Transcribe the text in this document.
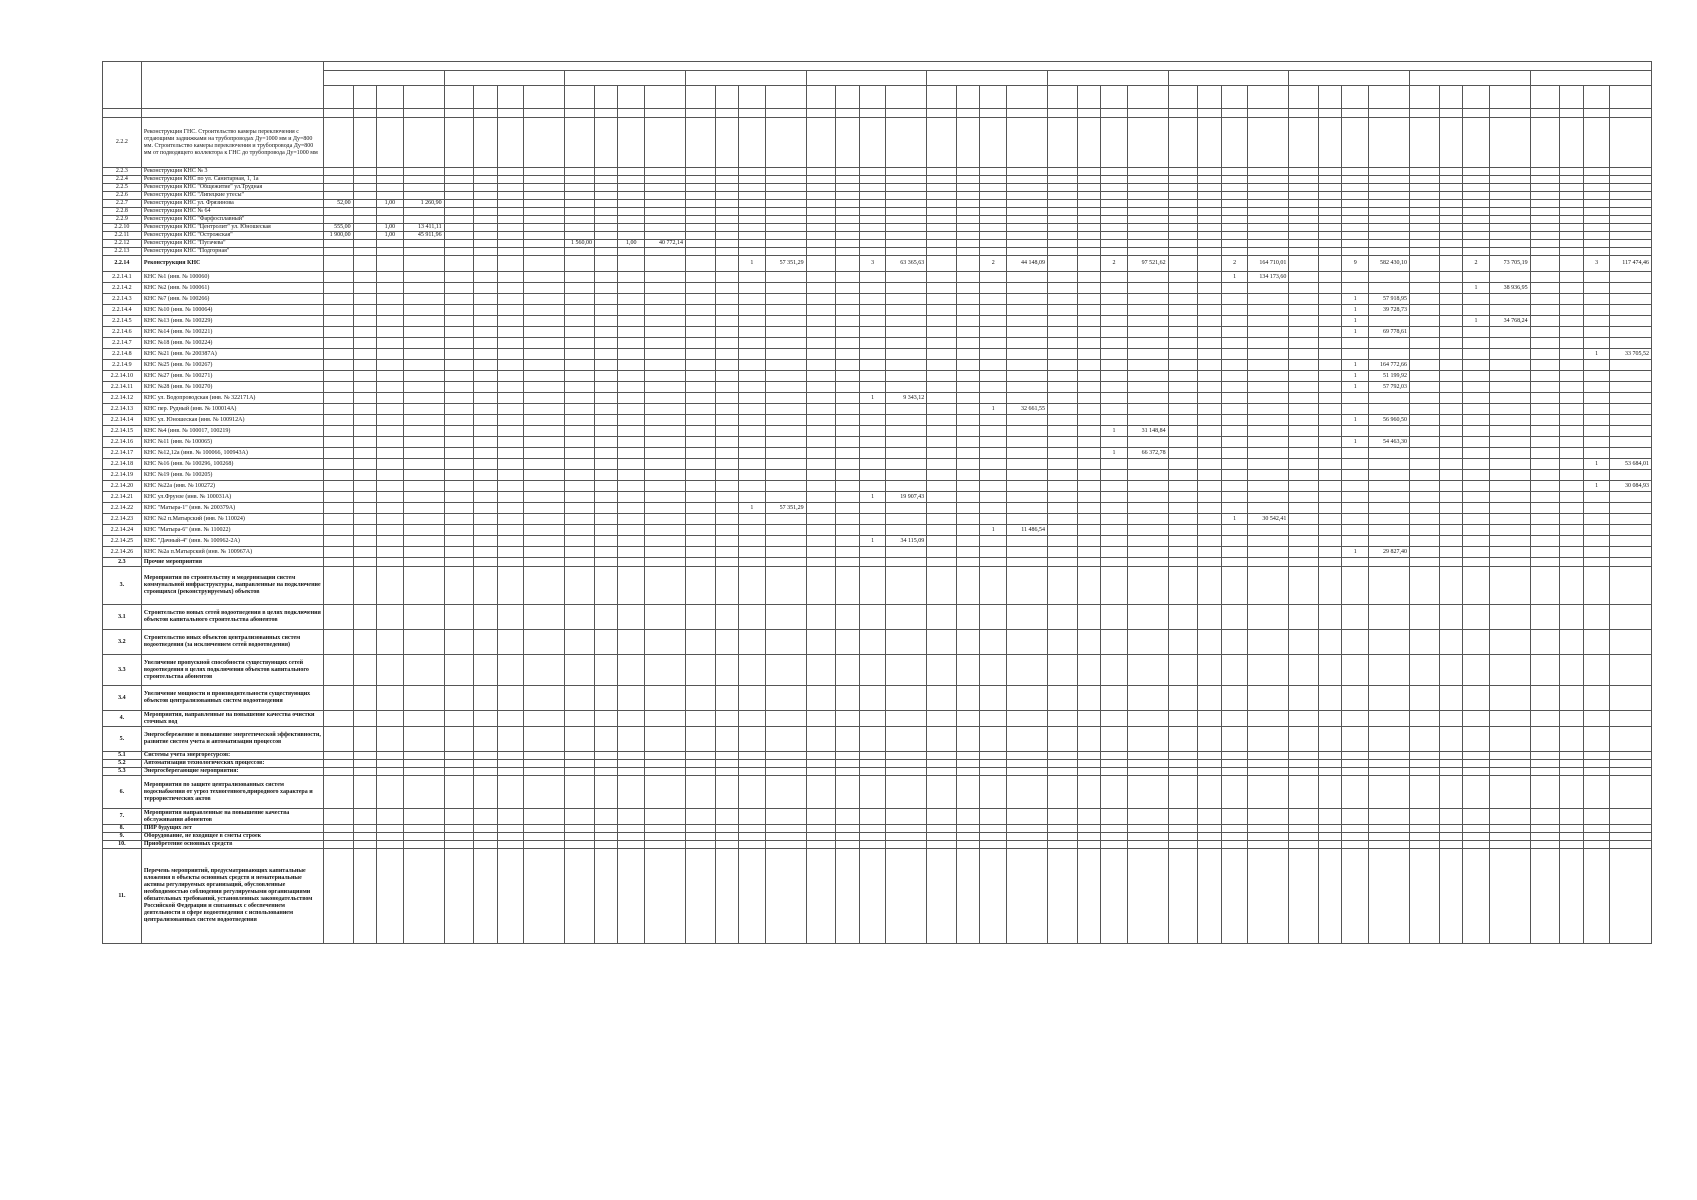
2.2.2	Реконструкция ГНС. Строительство камеры переключения с отдающими задвижками на трубопроводах Ду=1000 мм и Ду=800 мм. Строительство камеры переключения и трубопровода Ду=800 мм от подводящего коллектора к ГНС до трубопровода Ду=1000 мм																																												
2.2.3	Реконструкция КНС № 3																																												
2.2.4	Реконструкция КНС по ул. Санитарная, 1, 1а																																												
2.2.5	Реконструкция КНС "Общежитие" ул.Трудная																																												
2.2.6	Реконструкция КНС "Липецкие утесы"																																												
2.2.7	Реконструкция КНС ул. Фрязинова	52,00		1,00	1 260,90																																								
2.2.8	Реконструкция КНС № 64																																												
2.2.9	Реконструкция КНС "Фарфосплавный"																																												
2.2.10	Реконструкция КНС "Центролит" ул. Юношеская	555,00		1,00	13 411,11																																								
2.2.11	Реконструкция КНС "Острожская"	1 900,00		1,00	45 911,96																																								
2.2.12	Реконструкция КНС "Пугачева"									1 560,00		1,00	40 772,14																																
2.2.13	Реконструкция КНС "Подгорная"																																												
2.2.14	Реконструкция КНС															1	57 351,29			3	63 365,63			2	44 148,09			2	97 521,62			2	164 710,01			9	582 430,10			2	73 705,19			3	117 474,46
2.2.14.1	КНС №1 (инв. № 100060)																															1	134 173,60												
2.2.14.2	КНС №2 (инв. № 100061)																																							1	38 936,95				
2.2.14.3	КНС №7 (инв. № 100266)																																			1	57 918,95								
2.2.14.4	КНС №10 (инв. № 100064)																																			1	39 728,73								
2.2.14.5	КНС №13 (инв. № 100229)																																			1				1	34 768,24				
2.2.14.6	КНС №14 (инв. № 100221)																																			1	69 778,61								
2.2.14.7	КНС №18 (инв. № 100224)																																												
2.2.14.8	КНС №21 (инв. № 200387А)																																											1	33 705,52
2.2.14.9	КНС №25 (инв. № 100267)																																			1	164 772,66								
2.2.14.10	КНС №27 (инв. № 100271)																																			1	51 199,92								
2.2.14.11	КНС №28 (инв. № 100270)																																			1	57 792,03								
2.2.14.12	КНС ул. Водопроводская (инв. № 322171А)																			1	9 343,12																								
2.2.14.13	КНС пер. Рудный (инв. № 100014А)																							1	32 661,55																				
2.2.14.14	КНС ул. Юношеская (инв. № 100912А)																																			1	56 960,50								
2.2.14.15	КНС №4 (инв. № 100017, 100219)																											1	31 148,84																
2.2.14.16	КНС №11 (инв. № 100065)																																			1	54 463,30								
2.2.14.17	КНС №12,12а (инв. № 100066, 100943А)																											1	66 372,78																
2.2.14.18	КНС №16 (инв. № 100296, 100268)																																											1	53 684,01
2.2.14.19	КНС №19 (инв. № 100205)																																												
2.2.14.20	КНС №22а (инв. № 100272)																																											1	30 084,93
2.2.14.21	КНС ул.Фрунзе (инв. № 100031А)																			1	19 907,43																								
2.2.14.22	КНС "Матыра-1" (инв. № 200379А)															1	57 351,29																												
2.2.14.23	КНС №2 п.Матырский (инв. № 110024)																															1	30 542,41												
2.2.14.24	КНС "Матыра-6" (инв. № 110022)																							1	11 486,54																				
2.2.14.25	КНС "Дачный-4" (инв. № 100962-2А)																			1	34 115,09																								
2.2.14.26	КНС №2а п.Матырский (инв. № 100967А)																																			1	29 827,40								
2.3	Прочие мероприятия																																												
3.	Мероприятия по строительству и модернизации систем коммунальной инфраструктуры, направленные на подключение строящихся (реконструируемых) объектов																																												
3.1	Строительство новых сетей водоотведения в целях подключения объектов капитального строительства абонентов																																												
3.2	Строительство иных объектов централизованных систем водоотведения (за исключением сетей водоотведения)																																												
3.3	Увеличение пропускной способности существующих сетей водоотведения в целях подключения объектов капитального строительства абонентов																																												
3.4	Увеличение мощности и производительности существующих объектов централизованных систем водоотведения																																												
4.	Мероприятия, направленные на повышение качества очистки сточных вод																																												
5.	Энергосбережение и повышение энергетической эффективности, развитие систем учета и автоматизации процессов																																												
5.1	Системы учета энергоресурсов:																																												
5.2	Автоматизация технологических процессов:																																												
5.3	Энергосберегающие мероприятия:																																												
6.	Мероприятия по защите централизованных систем водоснабжения от угроз техногенного,природного характера и террористических актов																																												
7.	Мероприятия направленные на повышение качества обслуживания абонентов																																												
8.	ПИР будущих лет																																												
9.	Оборудование, не входящее в сметы строек																																												
10.	Приобретение основных средств																																												
11.	Перечень мероприятий, предусматривающих капитальные вложения в объекты основных средств и нематериальные активы регулируемых организаций, обусловленные необходимостью соблюдения регулируемыми организациями обязательных требований, установленных законодательством Российской Федерации и связанных с обеспечением деятельности в сфере водоотведения с использованием централизованных систем водоотведения																																												
